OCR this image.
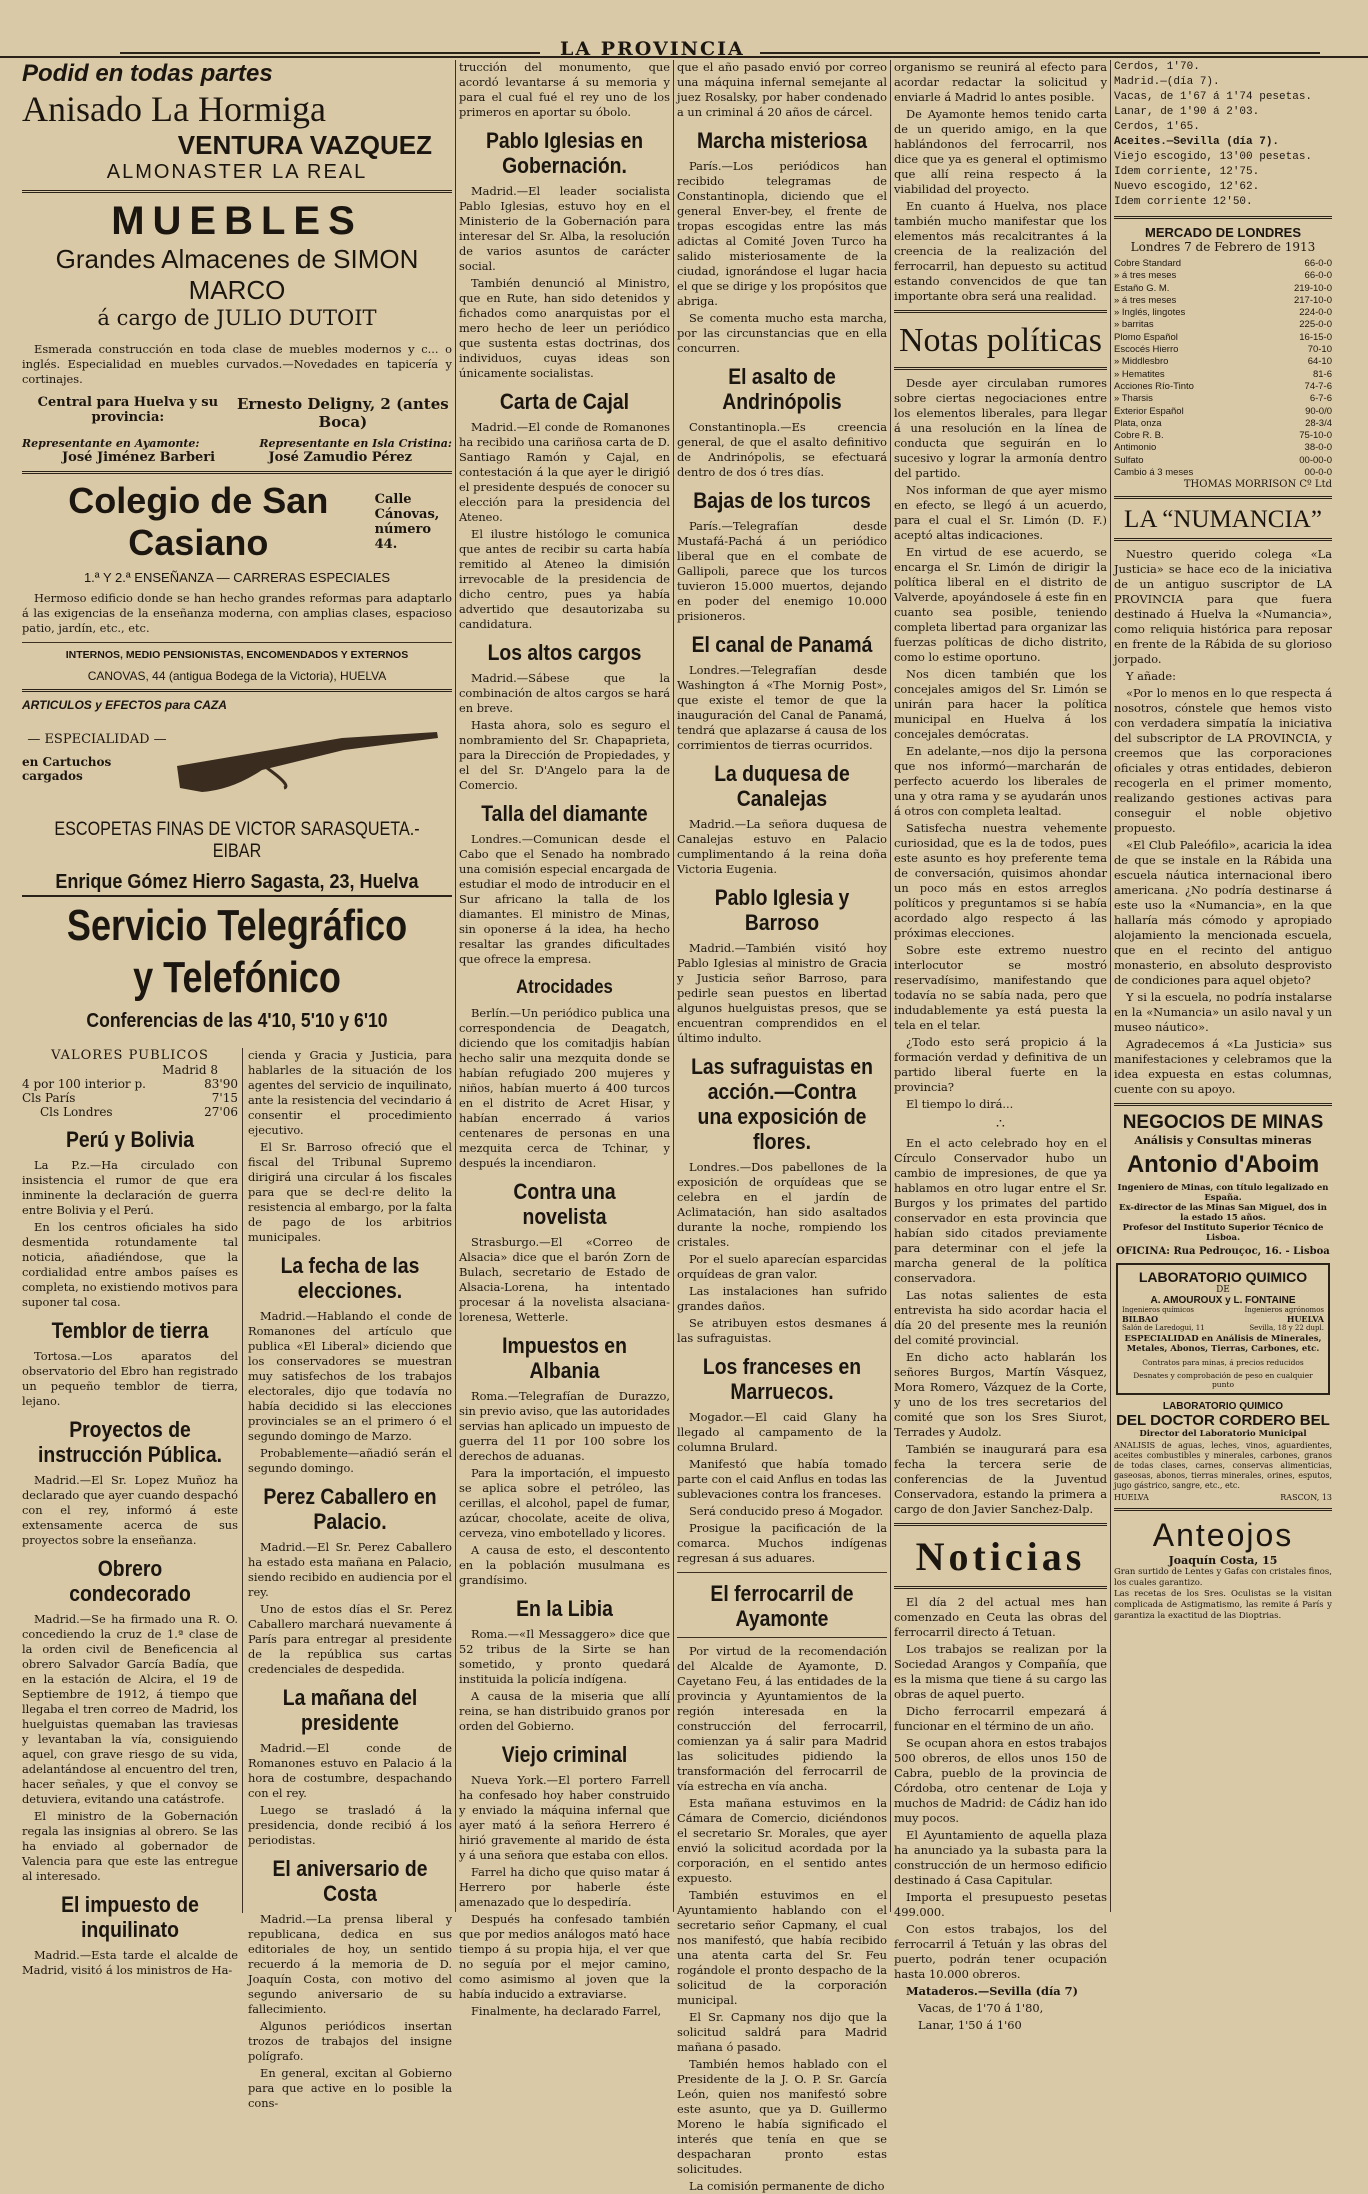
LA PROVINCIA
Podid en todas partes
Anisado La Hormiga
VENTURA VAZQUEZ
ALMONASTER LA REAL
MUEBLES
Grandes Almacenes de SIMON MARCO
á cargo de JULIO DUTOIT

Esmerada construcción en toda clase de muebles modernos y c... o inglés. Especialidad en muebles curvados.—Novedades en tapicería y cortinajes.

Central para Huelva y su provincia:
Ernesto Deligny, 2 (antes Boca)
Representante en Ayamonte:	Representante en Isla Cristina:
José Jiménez Barberi	José Zamudio Pérez
Colegio de San Casiano
Calle Cánovas, número 44.
1.ª Y 2.ª ENSEÑANZA — CARRERAS ESPECIALES

Hermoso edificio donde se han hecho grandes reformas para adaptarlo á las exigencias de la enseñanza moderna, con amplias clases, espacioso patio, jardín, etc., etc.

INTERNOS, MEDIO PENSIONISTAS, ENCOMENDADOS Y EXTERNOS
CANOVAS, 44 (antigua Bodega de la Victoria), HUELVA
ARTICULOS y EFECTOS para CAZA
— ESPECIALIDAD —
en Cartuchos cargados
ESCOPETAS FINAS DE VICTOR SARASQUETA.-EIBAR
Enrique Gómez Hierro Sagasta, 23, Huelva
Servicio Telegráfico y Telefónico
Conferencias de las 4'10, 5'10 y 6'10
VALORES PUBLICOS
Madrid 8
4 por 100 interior p.	83'90
Cls París	7'15
Cls Londres	27'06
Perú y Bolivia

La P.z.—Ha circulado con insistencia el rumor de que era inminente la declaración de guerra entre Bolivia y el Perú.

En los centros oficiales ha sido desmentida rotundamente tal noticia, añadiéndose, que la cordialidad entre ambos países es completa, no existiendo motivos para suponer tal cosa.

Temblor de tierra

Tortosa.—Los aparatos del observatorio del Ebro han registrado un pequeño temblor de tierra, lejano.

Proyectos de instrucción Pública.

Madrid.—El Sr. Lopez Muñoz ha declarado que ayer cuando despachó con el rey, informó á este extensamente acerca de sus proyectos sobre la enseñanza.

Obrero condecorado

Madrid.—Se ha firmado una R. O. concediendo la cruz de 1.ª clase de la orden civil de Beneficencia al obrero Salvador García Badía, que en la estación de Alcira, el 19 de Septiembre de 1912, á tiempo que llegaba el tren correo de Madrid, los huelguistas quemaban las traviesas y levantaban la vía, consiguiendo aquel, con grave riesgo de su vida, adelantándose al encuentro del tren, hacer señales, y que el convoy se detuviera, evitando una catástrofe.

El ministro de la Gobernación regala las insignias al obrero. Se las ha enviado al gobernador de Valencia para que este las entregue al interesado.

El impuesto de inquilinato

Madrid.—Esta tarde el alcalde de Madrid, visitó á los ministros de Ha-

cienda y Gracia y Justicia, para hablarles de la situación de los agentes del servicio de inquilinato, ante la resistencia del vecindario á consentir el procedimiento ejecutivo.

El Sr. Barroso ofreció que el fiscal del Tribunal Supremo dirigirá una circular á los fiscales para que se decl·re delito la resistencia al embargo, por la falta de pago de los arbitrios municipales.

La fecha de las elecciones.

Madrid.—Hablando el conde de Romanones del artículo que publica «El Liberal» diciendo que los conservadores se muestran muy satisfechos de los trabajos electorales, dijo que todavía no había decidido si las elecciones provinciales se an el primero ó el segundo domingo de Marzo.

Probablemente—añadió serán el segundo domingo.

Perez Caballero en Palacio.

Madrid.—El Sr. Perez Caballero ha estado esta mañana en Palacio, siendo recibido en audiencia por el rey.

Uno de estos días el Sr. Perez Caballero marchará nuevamente á París para entregar al presidente de la república sus cartas credenciales de despedida.

La mañana del presidente

Madrid.—El conde de Romanones estuvo en Palacio á la hora de costumbre, despachando con el rey.

Luego se trasladó á la presidencia, donde recibió á los periodistas.

El aniversario de Costa

Madrid.—La prensa liberal y republicana, dedica en sus editoriales de hoy, un sentido recuerdo á la memoria de D. Joaquín Costa, con motivo del segundo aniversario de su fallecimiento.

Algunos periódicos insertan trozos de trabajos del insigne polígrafo.

En general, excitan al Gobierno para que active en lo posible la cons-

trucción del monumento, que acordó levantarse á su memoria y para el cual fué el rey uno de los primeros en aportar su óbolo.

Pablo Iglesias en Gobernación.

Madrid.—El leader socialista Pablo Iglesias, estuvo hoy en el Ministerio de la Gobernación para interesar del Sr. Alba, la resolución de varios asuntos de carácter social.

También denunció al Ministro, que en Rute, han sido detenidos y fichados como anarquistas por el mero hecho de leer un periódico que sustenta estas doctrinas, dos individuos, cuyas ideas son únicamente socialistas.

Carta de Cajal

Madrid.—El conde de Romanones ha recibido una cariñosa carta de D. Santiago Ramón y Cajal, en contestación á la que ayer le dirigió el presidente después de conocer su elección para la presidencia del Ateneo.

El ilustre histólogo le comunica que antes de recibir su carta había remitido al Ateneo la dimisión irrevocable de la presidencia de dicho centro, pues ya había advertido que desautorizaba su candidatura.

Los altos cargos

Madrid.—Sábese que la combinación de altos cargos se hará en breve.

Hasta ahora, solo es seguro el nombramiento del Sr. Chapaprieta, para la Dirección de Propiedades, y el del Sr. D'Angelo para la de Comercio.

Talla del diamante

Londres.—Comunican desde el Cabo que el Senado ha nombrado una comisión especial encargada de estudiar el modo de introducir en el Sur africano la talla de los diamantes. El ministro de Minas, sin oponerse á la idea, ha hecho resaltar las grandes dificultades que ofrece la empresa.

Atrocidades

Berlín.—Un periódico publica una correspondencia de Deagatch, diciendo que los comitadjis habían hecho salir una mezquita donde se habían refugiado 200 mujeres y niños, habían muerto á 400 turcos en el distrito de Acret Hisar, y habían encerrado á varios centenares de personas en una mezquita cerca de Tchinar, y después la incendiaron.

Contra una novelista

Strasburgo.—El «Correo de Alsacia» dice que el barón Zorn de Bulach, secretario de Estado de Alsacia-Lorena, ha intentado procesar á la novelista alsaciana-lorenesa, Wetterle.

Impuestos en Albania

Roma.—Telegrafían de Durazzo, sin previo aviso, que las autoridades servias han aplicado un impuesto de guerra del 11 por 100 sobre los derechos de aduanas.

Para la importación, el impuesto se aplica sobre el petróleo, las cerillas, el alcohol, papel de fumar, azúcar, chocolate, aceite de oliva, cerveza, vino embotellado y licores.

A causa de esto, el descontento en la población musulmana es grandísimo.

En la Libia

Roma.—«Il Messaggero» dice que 52 tribus de la Sirte se han sometido, y pronto quedará instituida la policía indígena.

A causa de la miseria que allí reina, se han distribuido granos por orden del Gobierno.

Viejo criminal

Nueva York.—El portero Farrell ha confesado hoy haber construido y enviado la máquina infernal que ayer mató á la señora Herrero é hirió gravemente al marido de ésta y á una señora que estaba con ellos.

Farrel ha dicho que quiso matar á Herrero por haberle éste amenazado que lo despediría.

Después ha confesado también que por medios análogos mató hace tiempo á su propia hija, el ver que no seguía por el mejor camino, como asimismo al joven que la había inducido a extraviarse.

Finalmente, ha declarado Farrel,

que el año pasado envió por correo una máquina infernal semejante al juez Rosalsky, por haber condenado a un criminal á 20 años de cárcel.

Marcha misteriosa

París.—Los periódicos han recibido telegramas de Constantinopla, diciendo que el general Enver-bey, el frente de tropas escogidas entre las más adictas al Comité Joven Turco ha salido misteriosamente de la ciudad, ignorándose el lugar hacia el que se dirige y los propósitos que abriga.

Se comenta mucho esta marcha, por las circunstancias que en ella concurren.

El asalto de Andrinópolis

Constantinopla.—Es creencia general, de que el asalto definitivo de Andrinópolis, se efectuará dentro de dos ó tres días.

Bajas de los turcos

París.—Telegrafían desde Mustafá-Pachá á un periódico liberal que en el combate de Gallipoli, parece que los turcos tuvieron 15.000 muertos, dejando en poder del enemigo 10.000 prisioneros.

El canal de Panamá

Londres.—Telegrafían desde Washington á «The Mornig Post», que existe el temor de que la inauguración del Canal de Panamá, tendrá que aplazarse á causa de los corrimientos de tierras ocurridos.

La duquesa de Canalejas

Madrid.—La señora duquesa de Canalejas estuvo en Palacio cumplimentando á la reina doña Victoria Eugenia.

Pablo Iglesia y Barroso

Madrid.—También visitó hoy Pablo Iglesias al ministro de Gracia y Justicia señor Barroso, para pedirle sean puestos en libertad algunos huelguistas presos, que se encuentran comprendidos en el último indulto.

Las sufraguistas en acción.—Contra una exposición de flores.

Londres.—Dos pabellones de la exposición de orquídeas que se celebra en el jardín de Aclimatación, han sido asaltados durante la noche, rompiendo los cristales.

Por el suelo aparecían esparcidas orquídeas de gran valor.

Las instalaciones han sufrido grandes daños.

Se atribuyen estos desmanes á las sufraguistas.

Los franceses en Marruecos.

Mogador.—El caid Glany ha llegado al campamento de la columna Brulard.

Manifestó que había tomado parte con el caid Anflus en todas las sublevaciones contra los franceses.

Será conducido preso á Mogador.

Prosigue la pacificación de la comarca. Muchos indígenas regresan á sus aduares.

El ferrocarril de Ayamonte

Por virtud de la recomendación del Alcalde de Ayamonte, D. Cayetano Feu, á las entidades de la provincia y Ayuntamientos de la región interesada en la construcción del ferrocarril, comienzan ya á salir para Madrid las solicitudes pidiendo la transformación del ferrocarril de vía estrecha en vía ancha.

Esta mañana estuvimos en la Cámara de Comercio, diciéndonos el secretario Sr. Morales, que ayer envió la solicitud acordada por la corporación, en el sentido antes expuesto.

También estuvimos en el Ayuntamiento hablando con el secretario señor Capmany, el cual nos manifestó, que había recibido una atenta carta del Sr. Feu rogándole el pronto despacho de la solicitud de la corporación municipal.

El Sr. Capmany nos dijo que la solicitud saldrá para Madrid mañana ó pasado.

También hemos hablado con el Presidente de la J. O. P. Sr. García León, quien nos manifestó sobre este asunto, que ya D. Guillermo Moreno le había significado el interés que tenía en que se despacharan pronto estas solicitudes.

La comisión permanente de dicho

organismo se reunirá al efecto para acordar redactar la solicitud y enviarle á Madrid lo antes posible.

De Ayamonte hemos tenido carta de un querido amigo, en la que hablándonos del ferrocarril, nos dice que ya es general el optimismo que allí reina respecto á la viabilidad del proyecto.

En cuanto á Huelva, nos place también mucho manifestar que los elementos más recalcitrantes á la creencia de la realización del ferrocarril, han depuesto su actitud estando convencidos de que tan importante obra será una realidad.

Notas políticas

Desde ayer circulaban rumores sobre ciertas negociaciones entre los elementos liberales, para llegar á una resolución en la línea de conducta que seguirán en lo sucesivo y lograr la armonía dentro del partido.

Nos informan de que ayer mismo en efecto, se llegó á un acuerdo, para el cual el Sr. Limón (D. F.) aceptó altas indicaciones.

En virtud de ese acuerdo, se encarga el Sr. Limón de dirigir la política liberal en el distrito de Valverde, apoyándosele á este fin en cuanto sea posible, teniendo completa libertad para organizar las fuerzas políticas de dicho distrito, como lo estime oportuno.

Nos dicen también que los concejales amigos del Sr. Limón se unirán para hacer la política municipal en Huelva á los concejales demócratas.

En adelante,—nos dijo la persona que nos informó—marcharán de perfecto acuerdo los liberales de una y otra rama y se ayudarán unos á otros con completa lealtad.

Satisfecha nuestra vehemente curiosidad, que es la de todos, pues este asunto es hoy preferente tema de conversación, quisimos ahondar un poco más en estos arreglos políticos y preguntamos si se había acordado algo respecto á las próximas elecciones.

Sobre este extremo nuestro interlocutor se mostró reservadísimo, manifestando que todavía no se sabía nada, pero que indudablemente ya está puesta la tela en el telar.

¿Todo esto será propicio á la formación verdad y definitiva de un partido liberal fuerte en la provincia?

El tiempo lo dirá...

∴

En el acto celebrado hoy en el Círculo Conservador hubo un cambio de impresiones, de que ya hablamos en otro lugar entre el Sr. Burgos y los primates del partido conservador en esta provincia que habían sido citados previamente para determinar con el jefe la marcha general de la política conservadora.

Las notas salientes de esta entrevista ha sido acordar hacia el día 20 del presente mes la reunión del comité provincial.

En dicho acto hablarán los señores Burgos, Martín Vásquez, Mora Romero, Vázquez de la Corte, y uno de los tres secretarios del comité que son los Sres Siurot, Terrades y Audolz.

También se inaugurará para esa fecha la tercera serie de conferencias de la Juventud Conservadora, estando la primera a cargo de don Javier Sanchez-Dalp.

Noticias

El día 2 del actual mes han comenzado en Ceuta las obras del ferrocarril directo á Tetuan.

Los trabajos se realizan por la Sociedad Arangos y Compañía, que es la misma que tiene á su cargo las obras de aquel puerto.

Dicho ferrocarril empezará á funcionar en el término de un año.

Se ocupan ahora en estos trabajos 500 obreros, de ellos unos 150 de Cabra, pueblo de la provincia de Córdoba, otro centenar de Loja y muchos de Madrid: de Cádiz han ido muy pocos.

El Ayuntamiento de aquella plaza ha anunciado ya la subasta para la construcción de un hermoso edificio destinado á Casa Capitular.

Importa el presupuesto pesetas 499.000.

Con estos trabajos, los del ferrocarril á Tetuán y las obras del puerto, podrán tener ocupación hasta 10.000 obreros.

Mataderos.—Sevilla (día 7)

Vacas, de 1'70 á 1'80,

Lanar, 1'50 á 1'60

Cerdos, 1'70.
Madrid.—(día 7).
Vacas, de 1'67 á 1'74 pesetas.
Lanar, de 1'90 á 2'03.
Cerdos, 1'65.
Aceites.—Sevilla (día 7).
Viejo escogido, 13'00 pesetas.
Idem corriente, 12'75.
Nuevo escogido, 12'62.
Idem corriente 12'50.
MERCADO DE LONDRES
Londres 7 de Febrero de 1913
Cobre Standard	66-0-0
» á tres meses	66-0-0
Estaño G. M.	219-10-0
» á tres meses	217-10-0
» Inglés, lingotes	224-0-0
» barritas	225-0-0
Plomo Español	16-15-0
Escocés Hierro	70-10
» Middlesbro	64-10
» Hematites	81-6
Acciones Río-Tinto	74-7-6
» Tharsis	6-7-6
Exterior Español	90-0/0
Plata, onza	28-3/4
Cobre R. B.	75-10-0
Antimonio	38-0-0
Sulfato	00-00-0
Cambio á 3 meses	00-0-0
THOMAS MORRISON Cº Ltd
LA “NUMANCIA”

Nuestro querido colega «La Justicia» se hace eco de la iniciativa de un antiguo suscriptor de LA PROVINCIA para que fuera destinado á Huelva la «Numancia», como reliquia histórica para reposar en frente de la Rábida de su glorioso jorpado.

Y añade:

«Por lo menos en lo que respecta á nosotros, cónstele que hemos visto con verdadera simpatía la iniciativa del subscriptor de LA PROVINCIA, y creemos que las corporaciones oficiales y otras entidades, debieron recogerla en el primer momento, realizando gestiones activas para conseguir el noble objetivo propuesto.

«El Club Paleófilo», acaricia la idea de que se instale en la Rábida una escuela náutica internacional ibero americana. ¿No podría destinarse á este uso la «Numancia», en la que hallaría más cómodo y apropiado alojamiento la mencionada escuela, que en el recinto del antiguo monasterio, en absoluto desprovisto de condiciones para aquel objeto?

Y si la escuela, no podría instalarse en la «Numancia» un asilo naval y un museo náutico».

Agradecemos á «La Justicia» sus manifestaciones y celebramos que la idea expuesta en estas columnas, cuente con su apoyo.

NEGOCIOS DE MINAS
Análisis y Consultas mineras
Antonio d'Aboim
Ingeniero de Minas, con título legalizado en España.
Ex-director de las Minas San Miguel, dos in la estado 15 años.
Profesor del Instituto Superior Técnico de Lisboa.
OFICINA: Rua Pedrouçoc, 16. - Lisboa
LABORATORIO QUIMICO
DE
A. AMOUROUX y L. FONTAINE
Ingenieros químicos	Ingenieros agrónomos
BILBAO	HUELVA
Salón de Laredogui, 11	Sevilla, 18 y 22 dupl.
ESPECIALIDAD en Análisis de Minerales, Metales, Abonos, Tierras, Carbones, etc.
Contratos para minas, á precios reducidos
Desnates y comprobación de peso en cualquier punto
LABORATORIO QUIMICO
DEL DOCTOR CORDERO BEL
Director del Laboratorio Municipal
ANALISIS de aguas, leches, vinos, aguardientes, aceites combustibles y minerales, carbones, granos de todas clases, carnes, conservas alimenticias, gaseosas, abonos, tierras minerales, orines, esputos, jugo gástrico, sangre, etc., etc.
HUELVA	RASCON, 13
Anteojos
Joaquín Costa, 15
Gran surtido de Lentes y Gafas con cristales finos, los cuales garantizo.
Las recetas de los Sres. Oculistas se la visitan complicada de Astigmatismo, las remite á París y garantiza la exactitud de las Dioptrias.
